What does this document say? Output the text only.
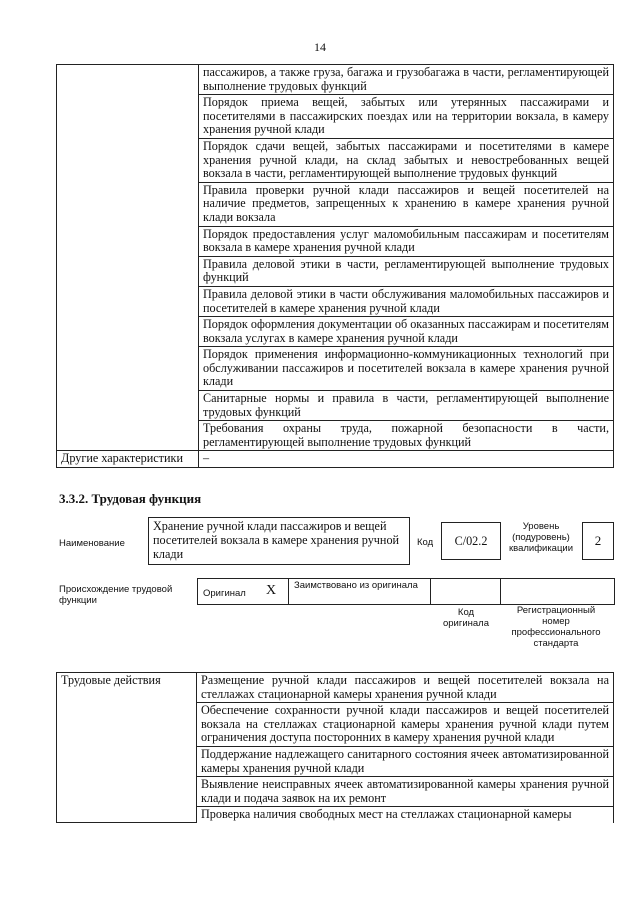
14
	пассажиров, а также груза, багажа и грузобагажа в части, регламентирующей выполнение трудовых функций
	Порядок приема вещей, забытых или утерянных пассажирами и посетителями в пассажирских поездах или на территории вокзала, в камеру хранения ручной клади
	Порядок сдачи вещей, забытых пассажирами и посетителями в камере хранения ручной клади, на склад забытых и невостребованных вещей вокзала в части, регламентирующей выполнение трудовых функций
	Правила проверки ручной клади пассажиров и вещей посетителей на наличие предметов, запрещенных к хранению в камере хранения ручной клади вокзала
	Порядок предоставления услуг маломобильным пассажирам и посетителям вокзала в камере хранения ручной клади
	Правила деловой этики в части, регламентирующей выполнение трудовых функций
	Правила деловой этики в части обслуживания маломобильных пассажиров и посетителей в камере хранения ручной клади
	Порядок оформления документации об оказанных пассажирам и посетителям вокзала услугах в камере хранения ручной клади
	Порядок применения информационно-коммуникационных технологий при обслуживании пассажиров и посетителей вокзала в камере хранения ручной клади
	Санитарные нормы и правила в части, регламентирующей выполнение трудовых функций
	Требования охраны труда, пожарной безопасности в части, регламентирующей выполнение трудовых функций
Другие характеристики	–
3.3.2. Трудовая функция
Наименование
Хранение ручной клади пассажиров и вещей посетителей вокзала в камере хранения ручной клади
Код C/02.2
Уровень (подуровень) квалификации
2
Происхождение трудовой функции
Оригинал X Заимствовано из оригинала
Код оригинала
Регистрационный номер профессионального стандарта
Трудовые действия	Размещение ручной клади пассажиров и вещей посетителей вокзала на стеллажах стационарной камеры хранения ручной клади
Обеспечение сохранности ручной клади пассажиров и вещей посетителей вокзала на стеллажах стационарной камеры хранения ручной клади путем ограничения доступа посторонних в камеру хранения ручной клади
Поддержание надлежащего санитарного состояния ячеек автоматизированной камеры хранения ручной клади
Выявление неисправных ячеек автоматизированной камеры хранения ручной клади и подача заявок на их ремонт
Проверка наличия свободных мест на стеллажах стационарной камеры
